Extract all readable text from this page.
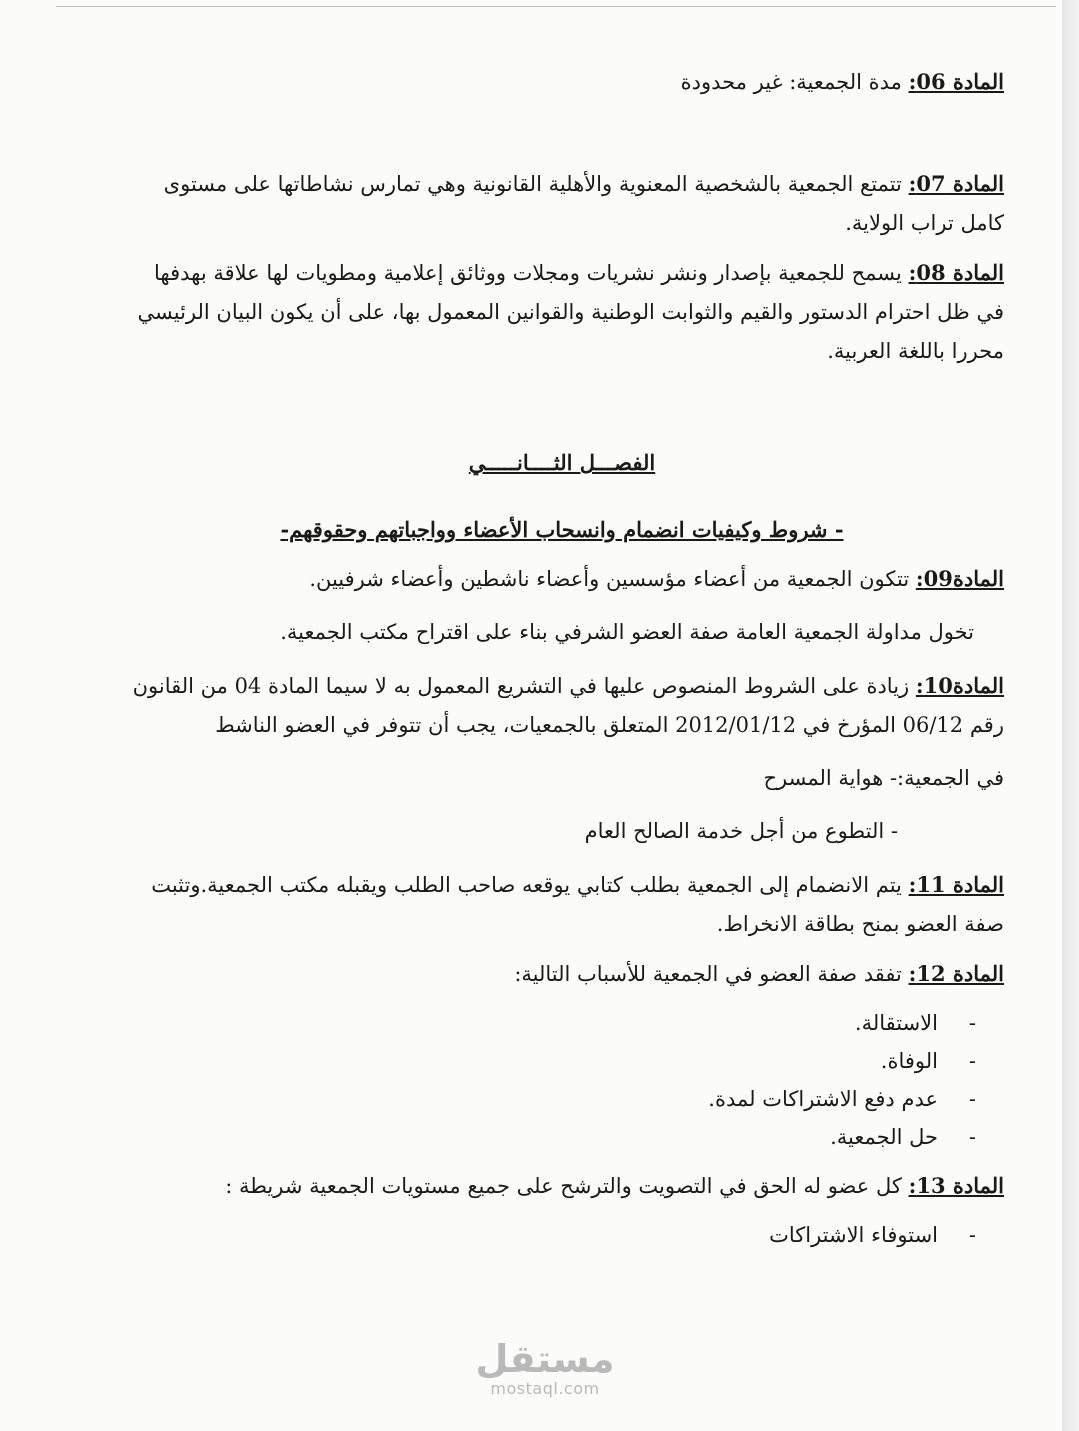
المادة 06: مدة الجمعية: غير محدودة

المادة 07: تتمتع الجمعية بالشخصية المعنوية والأهلية القانونية وهي تمارس نشاطاتها على مستوى كامل تراب الولاية.

المادة 08: يسمح للجمعية بإصدار ونشر نشريات ومجلات ووثائق إعلامية ومطويات لها علاقة بهدفها في ظل احترام الدستور والقيم والثوابت الوطنية والقوانين المعمول بها، على أن يكون البيان الرئيسي محررا باللغة العربية.

الفصـــل الثــــانـــــي

- شروط وكيفيات انضمام وانسحاب الأعضاء وواجباتهم وحقوقهم-

المادة09: تتكون الجمعية من أعضاء مؤسسين وأعضاء ناشطين وأعضاء شرفيين.

تخول مداولة الجمعية العامة صفة العضو الشرفي بناء على اقتراح مكتب الجمعية.

المادة10: زيادة على الشروط المنصوص عليها في التشريع المعمول به لا سيما المادة 04 من القانون رقم 06/12 المؤرخ في 2012/01/12 المتعلق بالجمعيات، يجب أن تتوفر في العضو الناشط

في الجمعية:- هواية المسرح

- التطوع من أجل خدمة الصالح العام

المادة 11: يتم الانضمام إلى الجمعية بطلب كتابي يوقعه صاحب الطلب ويقبله مكتب الجمعية.وتثبت صفة العضو بمنح بطاقة الانخراط.

المادة 12: تفقد صفة العضو في الجمعية للأسباب التالية:

-
الاستقالة.
-
الوفاة.
-
عدم دفع الاشتراكات لمدة.
-
حل الجمعية.

المادة 13: كل عضو له الحق في التصويت والترشح على جميع مستويات الجمعية شريطة :

-
استوفاء الاشتراكات
مستقل
mostaql.com
